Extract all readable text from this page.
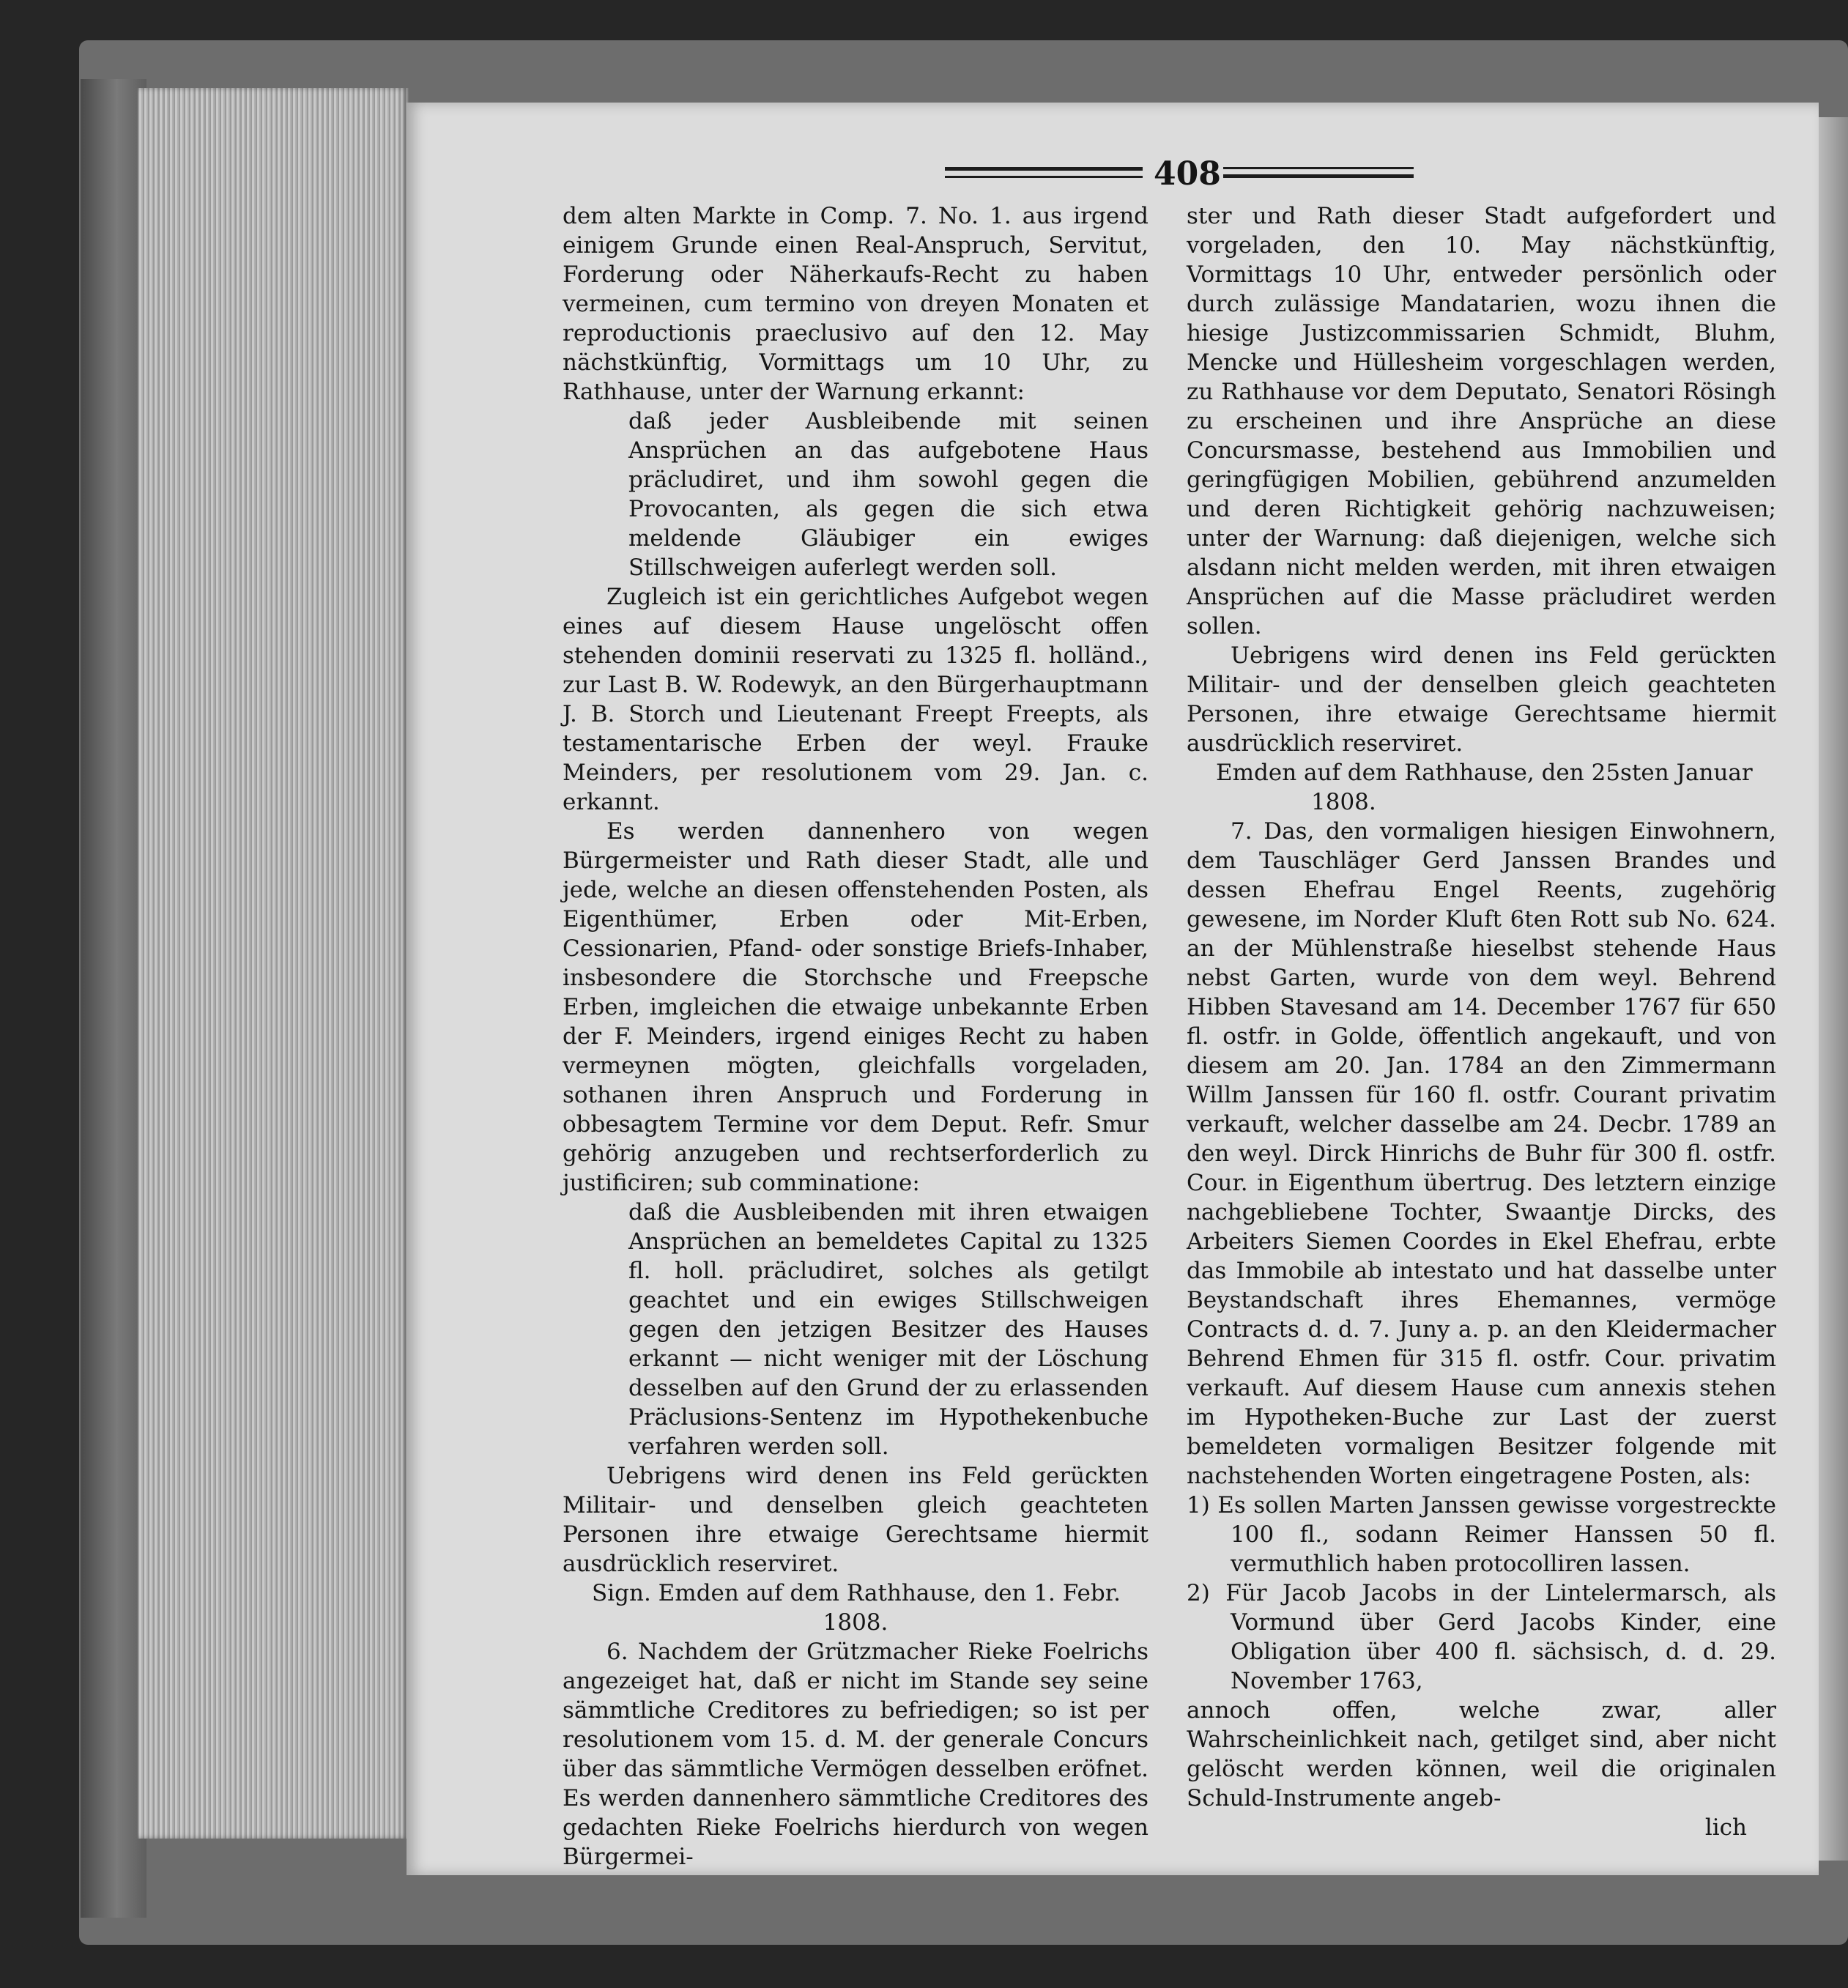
408

dem alten Markte in Comp. 7. No. 1. aus irgend einigem Grunde einen Real-Anspruch, Servitut, Forderung oder Näherkaufs-Recht zu haben vermeinen, cum termino von dreyen Monaten et reproductionis praeclusivo auf den 12. May nächstkünftig, Vormittags um 10 Uhr, zu Rathhause, unter der Warnung erkannt:

daß jeder Ausbleibende mit seinen Ansprüchen an das aufgebotene Haus präcludiret, und ihm sowohl gegen die Provocanten, als gegen die sich etwa meldende Gläubiger ein ewiges Stillschweigen auferlegt werden soll.

Zugleich ist ein gerichtliches Aufgebot wegen eines auf diesem Hause ungelöscht offen stehenden dominii reservati zu 1325 fl. holländ., zur Last B. W. Rodewyk, an den Bürgerhauptmann J. B. Storch und Lieutenant Freept Freepts, als testamentarische Erben der weyl. Frauke Meinders, per resolutionem vom 29. Jan. c. erkannt.

Es werden dannenhero von wegen Bürgermeister und Rath dieser Stadt, alle und jede, welche an diesen offenstehenden Posten, als Eigenthümer, Erben oder Mit-Erben, Cessionarien, Pfand- oder sonstige Briefs-Inhaber, insbesondere die Storchsche und Freepsche Erben, imgleichen die etwaige unbekannte Erben der F. Meinders, irgend einiges Recht zu haben vermeynen mögten, gleichfalls vorgeladen, sothanen ihren Anspruch und Forderung in obbesagtem Termine vor dem Deput. Refr. Smur gehörig anzugeben und rechtserforderlich zu justificiren; sub comminatione:

daß die Ausbleibenden mit ihren etwaigen Ansprüchen an bemeldetes Capital zu 1325 fl. holl. präcludiret, solches als getilgt geachtet und ein ewiges Stillschweigen gegen den jetzigen Besitzer des Hauses erkannt — nicht weniger mit der Löschung desselben auf den Grund der zu erlassenden Präclusions-Sentenz im Hypothekenbuche verfahren werden soll.

Uebrigens wird denen ins Feld gerückten Militair- und denselben gleich geachteten Personen ihre etwaige Gerechtsame hiermit ausdrücklich reserviret.

Sign. Emden auf dem Rathhause, den 1. Febr.

1808.

6. Nachdem der Grützmacher Rieke Foelrichs angezeiget hat, daß er nicht im Stande sey seine sämmtliche Creditores zu befriedigen; so ist per resolutionem vom 15. d. M. der generale Concurs über das sämmtliche Vermögen desselben eröfnet. Es werden dannenhero sämmtliche Creditores des gedachten Rieke Foelrichs hierdurch von wegen Bürgermei-

ster und Rath dieser Stadt aufgefordert und vorgeladen, den 10. May nächstkünftig, Vormittags 10 Uhr, entweder persönlich oder durch zulässige Mandatarien, wozu ihnen die hiesige Justizcommissarien Schmidt, Bluhm, Mencke und Hüllesheim vorgeschlagen werden, zu Rathhause vor dem Deputato, Senatori Rösingh zu erscheinen und ihre Ansprüche an diese Concursmasse, bestehend aus Immobilien und geringfügigen Mobilien, gebührend anzumelden und deren Richtigkeit gehörig nachzuweisen; unter der Warnung: daß diejenigen, welche sich alsdann nicht melden werden, mit ihren etwaigen Ansprüchen auf die Masse präcludiret werden sollen.

Uebrigens wird denen ins Feld gerückten Militair- und der denselben gleich geachteten Personen, ihre etwaige Gerechtsame hiermit ausdrücklich reserviret.

Emden auf dem Rathhause, den 25sten Januar

1808.

7. Das, den vormaligen hiesigen Einwohnern, dem Tauschläger Gerd Janssen Brandes und dessen Ehefrau Engel Reents, zugehörig gewesene, im Norder Kluft 6ten Rott sub No. 624. an der Mühlenstraße hieselbst stehende Haus nebst Garten, wurde von dem weyl. Behrend Hibben Stavesand am 14. December 1767 für 650 fl. ostfr. in Golde, öffentlich angekauft, und von diesem am 20. Jan. 1784 an den Zimmermann Willm Janssen für 160 fl. ostfr. Courant privatim verkauft, welcher dasselbe am 24. Decbr. 1789 an den weyl. Dirck Hinrichs de Buhr für 300 fl. ostfr. Cour. in Eigenthum übertrug. Des letztern einzige nachgebliebene Tochter, Swaantje Dircks, des Arbeiters Siemen Coordes in Ekel Ehefrau, erbte das Immobile ab intestato und hat dasselbe unter Beystandschaft ihres Ehemannes, vermöge Contracts d. d. 7. Juny a. p. an den Kleidermacher Behrend Ehmen für 315 fl. ostfr. Cour. privatim verkauft. Auf diesem Hause cum annexis stehen im Hypotheken-Buche zur Last der zuerst bemeldeten vormaligen Besitzer folgende mit nachstehenden Worten eingetragene Posten, als:

1) Es sollen Marten Janssen gewisse vorgestreckte 100 fl., sodann Reimer Hanssen 50 fl. vermuthlich haben protocolliren lassen.

2) Für Jacob Jacobs in der Lintelermarsch, als Vormund über Gerd Jacobs Kinder, eine Obligation über 400 fl. sächsisch, d. d. 29. November 1763,

annoch offen, welche zwar, aller Wahrscheinlichkeit nach, getilget sind, aber nicht gelöscht werden können, weil die originalen Schuld-Instrumente angeb-

lich
